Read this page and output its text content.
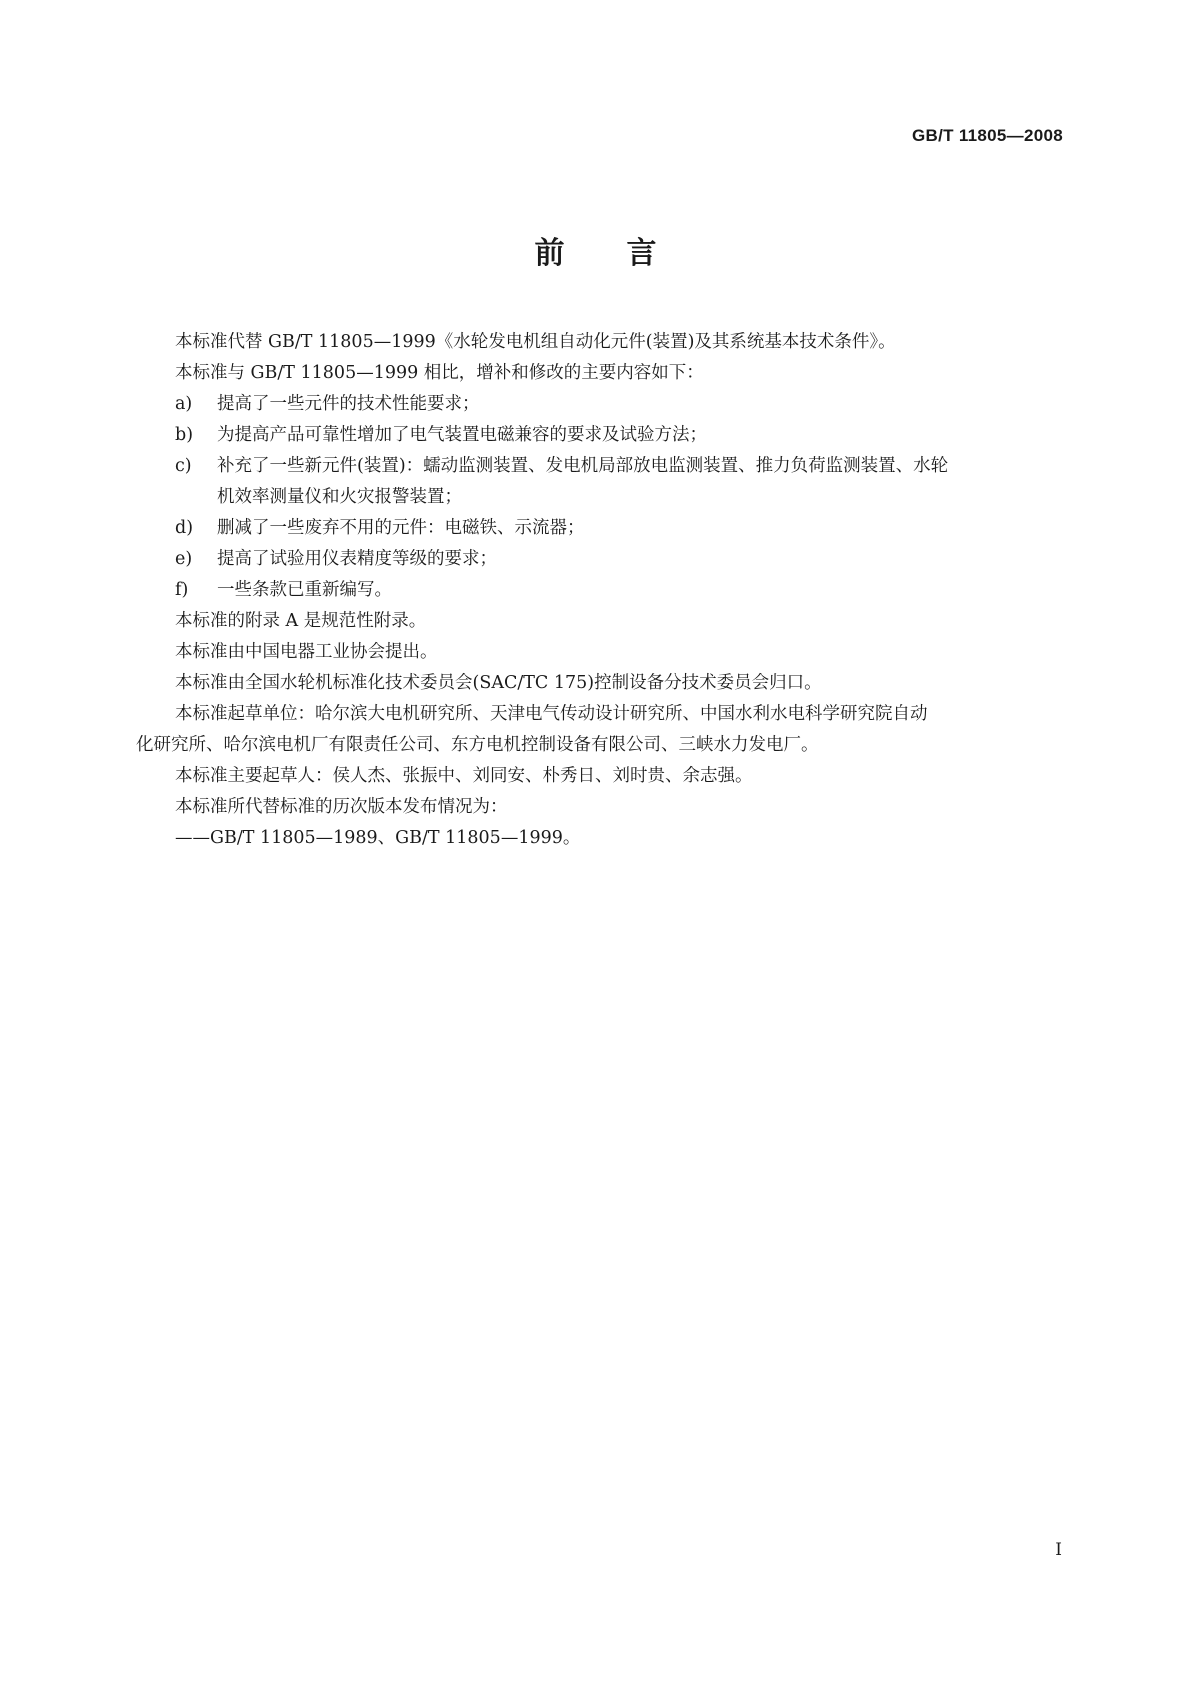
GB/T 11805—2008
前言
本标准代替 GB/T 11805—1999《水轮发电机组自动化元件(装置)及其系统基本技术条件》。
本标准与 GB/T 11805—1999 相比，增补和修改的主要内容如下：
a) 提高了一些元件的技术性能要求；
b) 为提高产品可靠性增加了电气装置电磁兼容的要求及试验方法；
c) 补充了一些新元件(装置)：蠕动监测装置、发电机局部放电监测装置、推力负荷监测装置、水轮
机效率测量仪和火灾报警装置；
d) 删减了一些废弃不用的元件：电磁铁、示流器；
e) 提高了试验用仪表精度等级的要求；
f) 一些条款已重新编写。
本标准的附录 A 是规范性附录。
本标准由中国电器工业协会提出。
本标准由全国水轮机标准化技术委员会(SAC/TC 175)控制设备分技术委员会归口。
本标准起草单位：哈尔滨大电机研究所、天津电气传动设计研究所、中国水利水电科学研究院自动
化研究所、哈尔滨电机厂有限责任公司、东方电机控制设备有限公司、三峡水力发电厂。
本标准主要起草人：侯人杰、张振中、刘同安、朴秀日、刘时贵、余志强。
本标准所代替标准的历次版本发布情况为：
——GB/T 11805—1989、GB/T 11805—1999。
I
